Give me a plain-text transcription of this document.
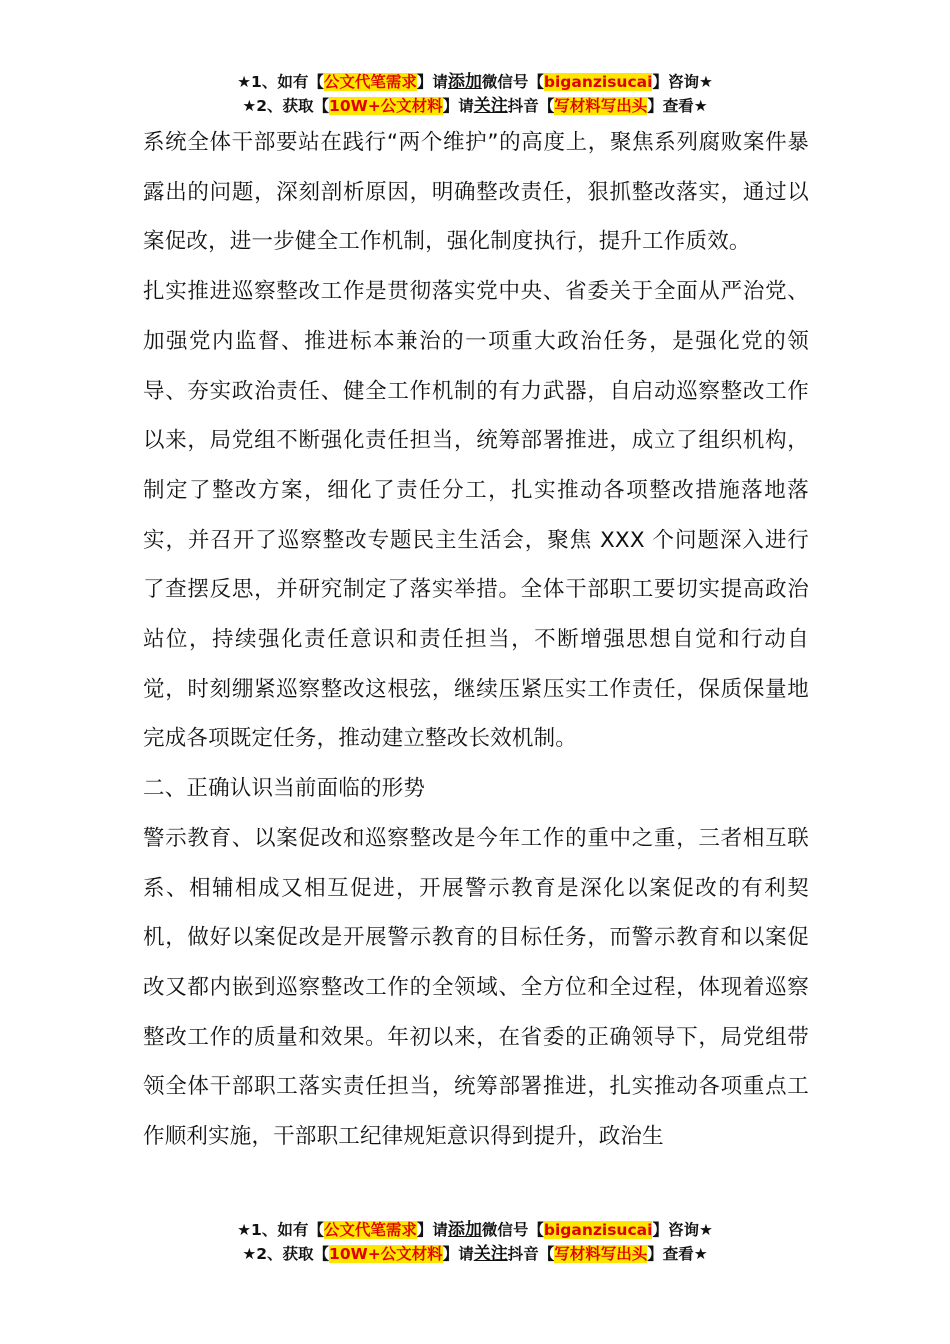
★1、如有【公文代笔需求】请添加微信号【biganzisucai】咨询★
★2、获取【10W+公文材料】请关注抖音【写材料写出头】查看★

系统全体干部要站在践行“两个维护”的高度上，聚焦系列腐败案件暴露出的问题，深刻剖析原因，明确整改责任，狠抓整改落实，通过以案促改，进一步健全工作机制，强化制度执行，提升工作质效。

扎实推进巡察整改工作是贯彻落实党中央、省委关于全面从严治党、加强党内监督、推进标本兼治的一项重大政治任务，是强化党的领导、夯实政治责任、健全工作机制的有力武器，自启动巡察整改工作以来，局党组不断强化责任担当，统筹部署推进，成立了组织机构，制定了整改方案，细化了责任分工，扎实推动各项整改措施落地落实，并召开了巡察整改专题民主生活会，聚焦 XXX 个问题深入进行了查摆反思，并研究制定了落实举措。全体干部职工要切实提高政治站位，持续强化责任意识和责任担当，不断增强思想自觉和行动自觉，时刻绷紧巡察整改这根弦，继续压紧压实工作责任，保质保量地完成各项既定任务，推动建立整改长效机制。

二、正确认识当前面临的形势

警示教育、以案促改和巡察整改是今年工作的重中之重，三者相互联系、相辅相成又相互促进，开展警示教育是深化以案促改的有利契机，做好以案促改是开展警示教育的目标任务，而警示教育和以案促改又都内嵌到巡察整改工作的全领域、全方位和全过程，体现着巡察整改工作的质量和效果。年初以来，在省委的正确领导下，局党组带领全体干部职工落实责任担当，统筹部署推进，扎实推动各项重点工作顺利实施，干部职工纪律规矩意识得到提升，政治生

★1、如有【公文代笔需求】请添加微信号【biganzisucai】咨询★
★2、获取【10W+公文材料】请关注抖音【写材料写出头】查看★
